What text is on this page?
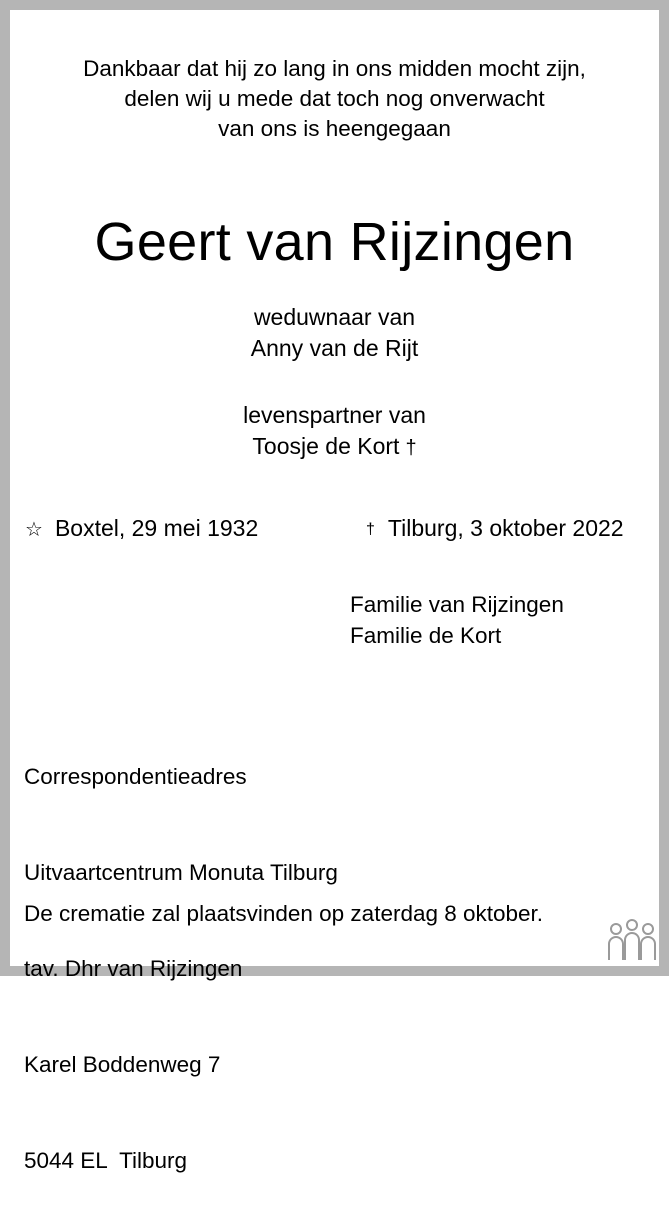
Dankbaar dat hij zo lang in ons midden mocht zijn,
delen wij u mede dat toch nog onverwacht
van ons is heengegaan
Geert van Rijzingen
weduwnaar van
Anny van de Rijt
levenspartner van
Toosje de Kort †
☆ Boxtel, 29 mei 1932	† Tilburg, 3 oktober 2022
Familie van Rijzingen
Familie de Kort

Correspondentieadres

Uitvaartcentrum Monuta Tilburg

tav. Dhr van Rijzingen

Karel Boddenweg 7

5044 EL  Tilburg

De crematie zal plaatsvinden op zaterdag 8 oktober.
